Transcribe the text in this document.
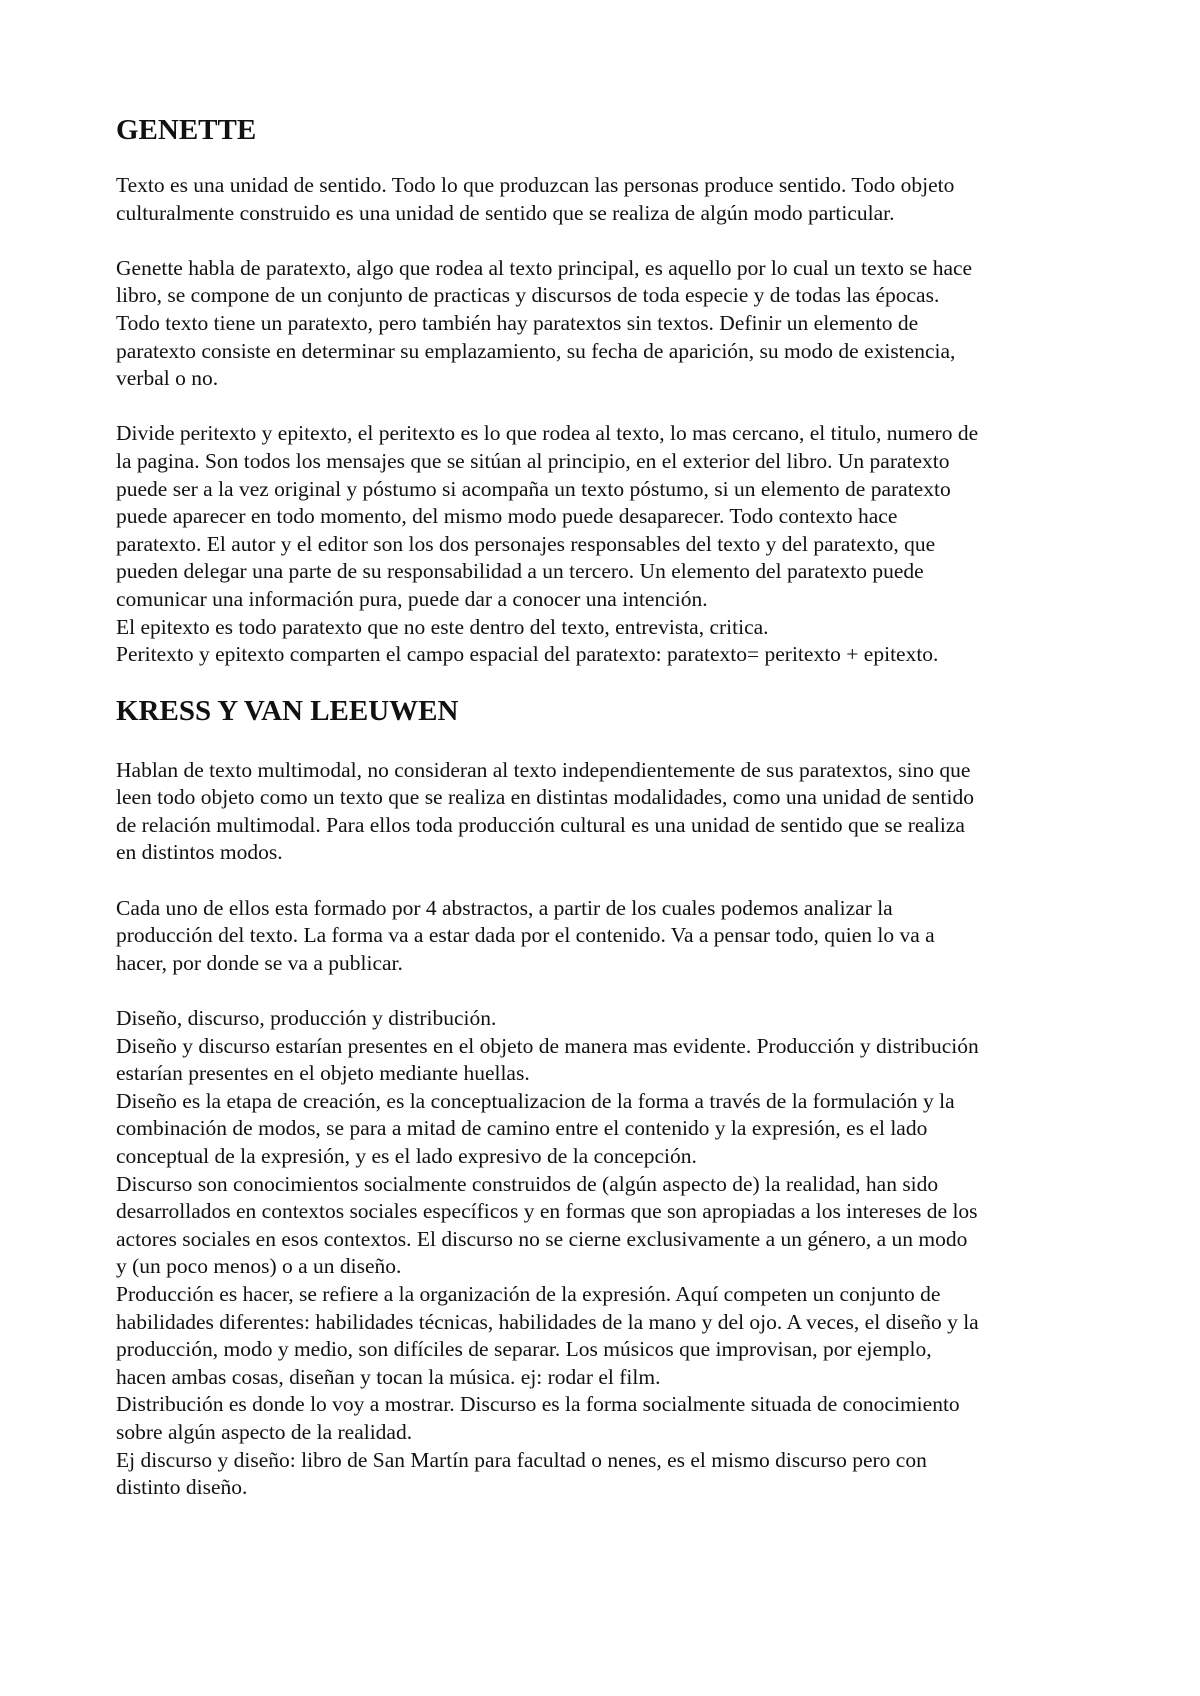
GENETTE
Texto es una unidad de sentido. Todo lo que produzcan las personas produce sentido. Todo objeto
culturalmente construido es una unidad de sentido que se realiza de algún modo particular.
Genette habla de paratexto, algo que rodea al texto principal, es aquello por lo cual un texto se hace
libro, se compone de un conjunto de practicas y discursos de toda especie y de todas las épocas.
Todo texto tiene un paratexto, pero también hay paratextos sin textos. Definir un elemento de
paratexto consiste en determinar su emplazamiento, su fecha de aparición, su modo de existencia,
verbal o no.
Divide peritexto y epitexto, el peritexto es lo que rodea al texto, lo mas cercano, el titulo, numero de
la pagina. Son todos los mensajes que se sitúan al principio, en el exterior del libro. Un paratexto
puede ser a la vez original y póstumo si acompaña un texto póstumo, si un elemento de paratexto
puede aparecer en todo momento, del mismo modo puede desaparecer. Todo contexto hace
paratexto. El autor y el editor son los dos personajes responsables del texto y del paratexto, que
pueden delegar una parte de su responsabilidad a un tercero. Un elemento del paratexto puede
comunicar una información pura, puede dar a conocer una intención.
El epitexto es todo paratexto que no este dentro del texto, entrevista, critica.
Peritexto y epitexto comparten el campo espacial del paratexto: paratexto= peritexto + epitexto.
KRESS Y VAN LEEUWEN
Hablan de texto multimodal, no consideran al texto independientemente de sus paratextos, sino que
leen todo objeto como un texto que se realiza en distintas modalidades, como una unidad de sentido
de relación multimodal. Para ellos toda producción cultural es una unidad de sentido que se realiza
en distintos modos.
Cada uno de ellos esta formado por 4 abstractos, a partir de los cuales podemos analizar la
producción del texto. La forma va a estar dada por el contenido. Va a pensar todo, quien lo va a
hacer, por donde se va a publicar.
Diseño, discurso, producción y distribución.
Diseño y discurso estarían presentes en el objeto de manera mas evidente. Producción y distribución
estarían presentes en el objeto mediante huellas.
Diseño es la etapa de creación, es la conceptualizacion de la forma a través de la formulación y la
combinación de modos, se para a mitad de camino entre el contenido y la expresión, es el lado
conceptual de la expresión, y es el lado expresivo de la concepción.
Discurso son conocimientos socialmente construidos de (algún aspecto de) la realidad, han sido
desarrollados en contextos sociales específicos y en formas que son apropiadas a los intereses de los
actores sociales en esos contextos. El discurso no se cierne exclusivamente a un género, a un modo
y (un poco menos) o a un diseño.
Producción es hacer, se refiere a la organización de la expresión. Aquí competen un conjunto de
habilidades diferentes: habilidades técnicas, habilidades de la mano y del ojo. A veces, el diseño y la
producción, modo y medio, son difíciles de separar. Los músicos que improvisan, por ejemplo,
hacen ambas cosas, diseñan y tocan la música. ej: rodar el film.
Distribución es donde lo voy a mostrar. Discurso es la forma socialmente situada de conocimiento
sobre algún aspecto de la realidad.
Ej discurso y diseño: libro de San Martín para facultad o nenes, es el mismo discurso pero con
distinto diseño.
